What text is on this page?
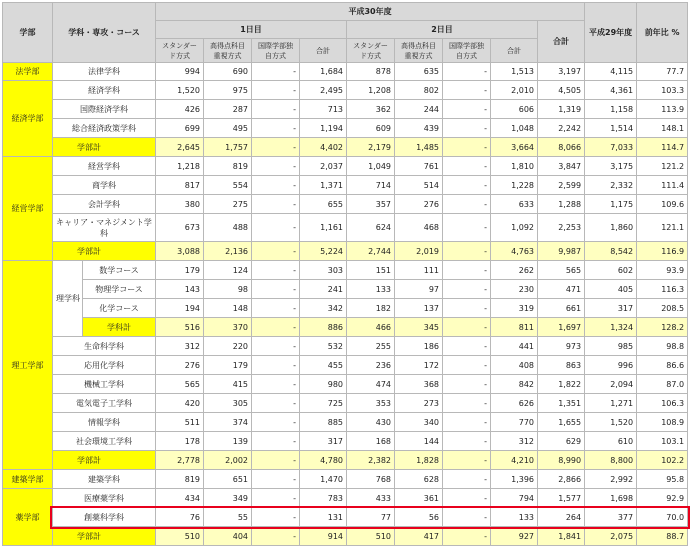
学部	学科・専攻・コース		平成30年度									平成29年度	前年比 %
			1日目				2日目				合計		
			スタンダード方式	高得点科目重視方式	国際学部独自方式	合計	スタンダード方式	高得点科目重視方式	国際学部独自方式	合計			
法学部	法律学科		994	690	-	1,684	878	635	-	1,513	3,197	4,115	77.7
経済学部	経済学科		1,520	975	-	2,495	1,208	802	-	2,010	4,505	4,361	103.3
	国際経済学科		426	287	-	713	362	244	-	606	1,319	1,158	113.9
	総合経済政策学科		699	495	-	1,194	609	439	-	1,048	2,242	1,514	148.1
	学部計		2,645	1,757	-	4,402	2,179	1,485	-	3,664	8,066	7,033	114.7
経営学部	経営学科		1,218	819	-	2,037	1,049	761	-	1,810	3,847	3,175	121.2
	商学科		817	554	-	1,371	714	514	-	1,228	2,599	2,332	111.4
	会計学科		380	275	-	655	357	276	-	633	1,288	1,175	109.6
	キャリア・マネジメント学科		673	488	-	1,161	624	468	-	1,092	2,253	1,860	121.1
	学部計		3,088	2,136	-	5,224	2,744	2,019	-	4,763	9,987	8,542	116.9
理工学部	理学科	数学コース	179	124	-	303	151	111	-	262	565	602	93.9
		物理学コース	143	98	-	241	133	97	-	230	471	405	116.3
		化学コース	194	148	-	342	182	137	-	319	661	317	208.5
		学科計	516	370	-	886	466	345	-	811	1,697	1,324	128.2
	生命科学科		312	220	-	532	255	186	-	441	973	985	98.8
	応用化学科		276	179	-	455	236	172	-	408	863	996	86.6
	機械工学科		565	415	-	980	474	368	-	842	1,822	2,094	87.0
	電気電子工学科		420	305	-	725	353	273	-	626	1,351	1,271	106.3
	情報学科		511	374	-	885	430	340	-	770	1,655	1,520	108.9
	社会環境工学科		178	139	-	317	168	144	-	312	629	610	103.1
	学部計		2,778	2,002	-	4,780	2,382	1,828	-	4,210	8,990	8,800	102.2
建築学部	建築学科		819	651	-	1,470	768	628	-	1,396	2,866	2,992	95.8
薬学部	医療薬学科		434	349	-	783	433	361	-	794	1,577	1,698	92.9
	創薬科学科		76	55	-	131	77	56	-	133	264	377	70.0
	学部計		510	404	-	914	510	417	-	927	1,841	2,075	88.7
